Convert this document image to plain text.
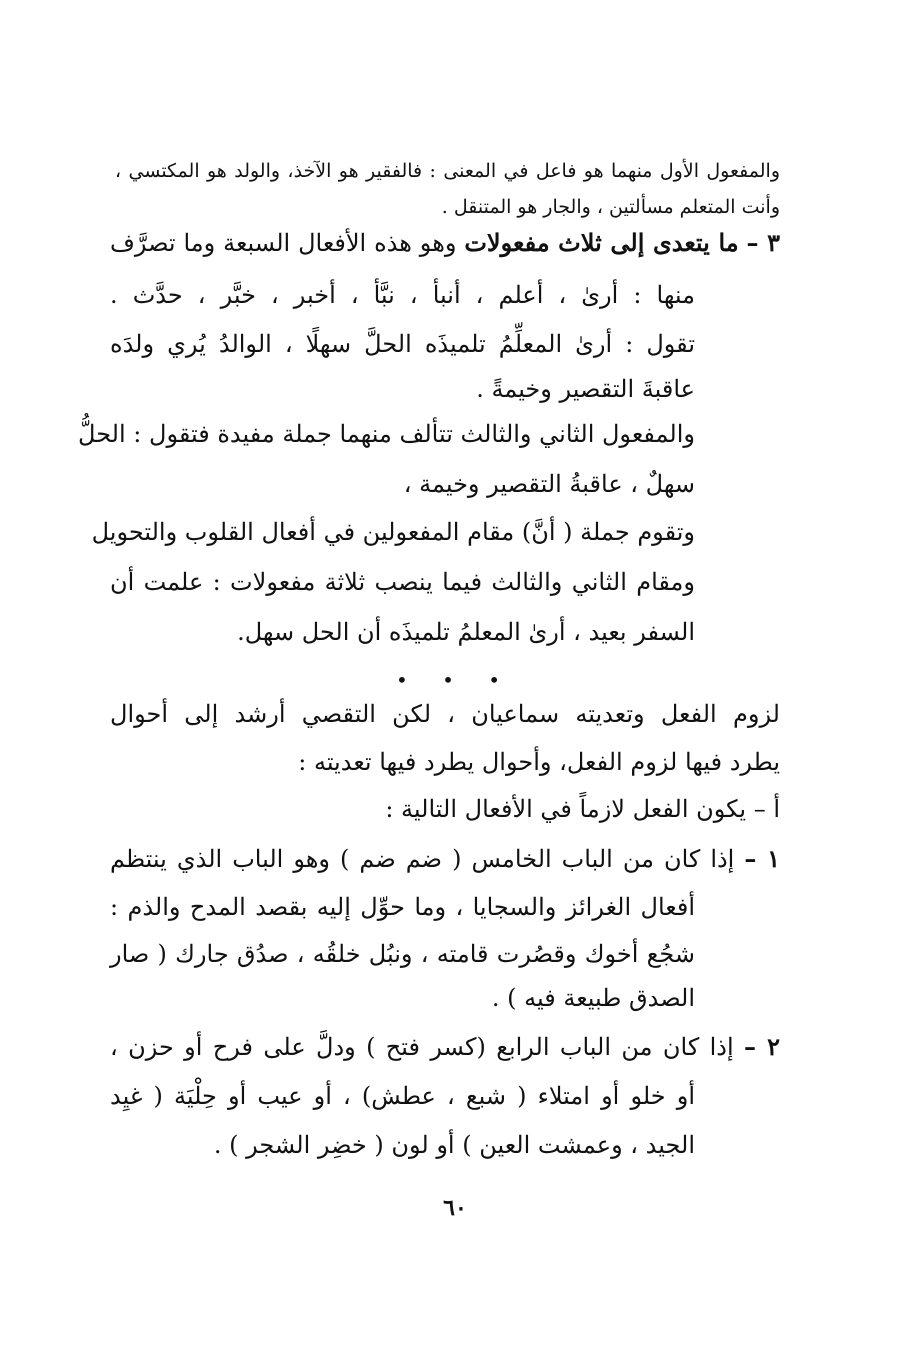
والمفعول الأول منهما هو فاعل في المعنى : فالفقير هو الآخذ، والولد هو المكتسي ،
وأنت المتعلم مسألتين ، والجار هو المتنقل .
٣ – ما يتعدى إلى ثلاث مفعولات وهو هذه الأفعال السبعة وما تصرَّف
منها : أرىٰ ، أعلم ، أنبأ ، نبَّأ ، أخبر ، خبَّر ، حدَّث .
تقول : أرىٰ المعلِّمُ تلميذَه الحلَّ سهلًا ، الوالدُ يُري ولدَه
عاقبةَ التقصير وخيمةً .
والمفعول الثاني والثالث تتألف منهما جملة مفيدة فتقول : الحلُّ
سهلٌ ، عاقبةُ التقصير وخيمة ،
وتقوم جملة ( أنَّ) مقام المفعولين في أفعال القلوب والتحويل
ومقام الثاني والثالث فيما ينصب ثلاثة مفعولات : علمت أن
السفر بعيد ، أرىٰ المعلمُ تلميذَه أن الحل سهل.
• • •
لزوم الفعل وتعديته سماعيان ، لكن التقصي أرشد إلى أحوال
يطرد فيها لزوم الفعل، وأحوال يطرد فيها تعديته :
أ – يكون الفعل لازماً في الأفعال التالية :
١ – إذا كان من الباب الخامس ( ضم ضم ) وهو الباب الذي ينتظم
أفعال الغرائز والسجايا ، وما حوِّل إليه بقصد المدح والذم :
شجُع أخوك وقصُرت قامته ، ونبُل خلقُه ، صدُق جارك ( صار
الصدق طبيعة فيه ) .
٢ – إذا كان من الباب الرابع (كسر فتح ) ودلَّ على فرح أو حزن ،
أو خلو أو امتلاء ( شبع ، عطش) ، أو عيب أو حِلْيَة ( غيِد
الجيد ، وعمشت العين ) أو لون ( خضِر الشجر ) .
٦٠
